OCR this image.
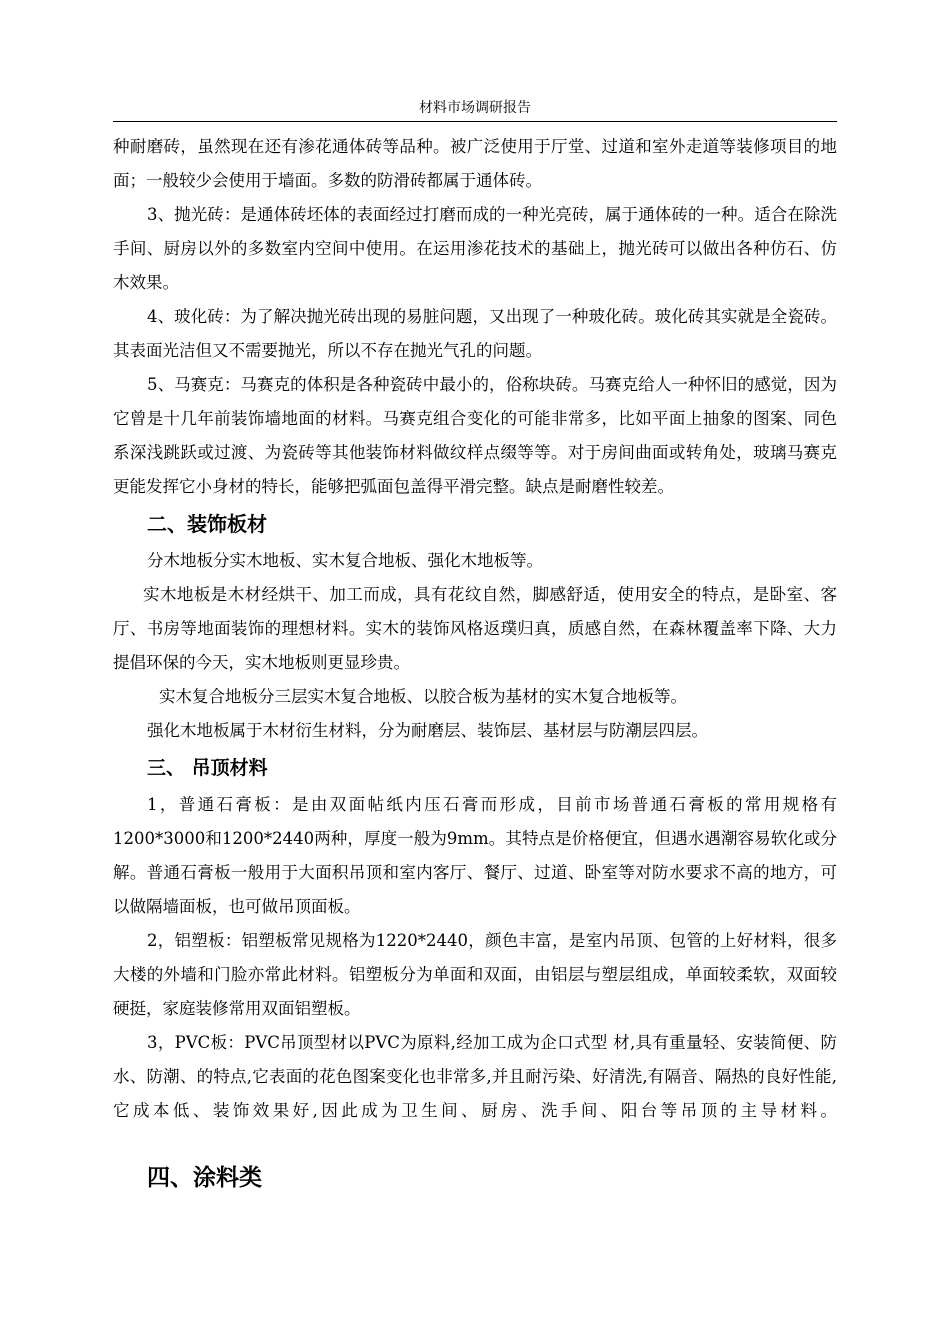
材料市场调研报告

种耐磨砖，虽然现在还有渗花通体砖等品种。被广泛使用于厅堂、过道和室外走道等装修项目的地面；一般较少会使用于墙面。多数的防滑砖都属于通体砖。

3、抛光砖：是通体砖坯体的表面经过打磨而成的一种光亮砖，属于通体砖的一种。适合在除洗手间、厨房以外的多数室内空间中使用。在运用渗花技术的基础上，抛光砖可以做出各种仿石、仿木效果。

4、玻化砖：为了解决抛光砖出现的易脏问题，又出现了一种玻化砖。玻化砖其实就是全瓷砖。其表面光洁但又不需要抛光，所以不存在抛光气孔的问题。

5、马赛克：马赛克的体积是各种瓷砖中最小的，俗称块砖。马赛克给人一种怀旧的感觉，因为它曾是十几年前装饰墙地面的材料。马赛克组合变化的可能非常多，比如平面上抽象的图案、同色系深浅跳跃或过渡、为瓷砖等其他装饰材料做纹样点缀等等。对于房间曲面或转角处，玻璃马赛克更能发挥它小身材的特长，能够把弧面包盖得平滑完整。缺点是耐磨性较差。

二、装饰板材

分木地板分实木地板、实木复合地板、强化木地板等。

实木地板是木材经烘干、加工而成，具有花纹自然，脚感舒适，使用安全的特点，是卧室、客厅、书房等地面装饰的理想材料。实木的装饰风格返璞归真，质感自然，在森林覆盖率下降、大力提倡环保的今天，实木地板则更显珍贵。

实木复合地板分三层实木复合地板、以胶合板为基材的实木复合地板等。

强化木地板属于木材衍生材料，分为耐磨层、装饰层、基材层与防潮层四层。

三、 吊顶材料

1，普通石膏板：是由双面帖纸内压石膏而形成，目前市场普通石膏板的常用规格有1200*3000和1200*2440两种，厚度一般为9mm。其特点是价格便宜，但遇水遇潮容易软化或分解。普通石膏板一般用于大面积吊顶和室内客厅、餐厅、过道、卧室等对防水要求不高的地方，可以做隔墙面板，也可做吊顶面板。

2，铝塑板：铝塑板常见规格为1220*2440，颜色丰富，是室内吊顶、包管的上好材料，很多大楼的外墙和门脸亦常此材料。铝塑板分为单面和双面，由铝层与塑层组成，单面较柔软，双面较硬挺，家庭装修常用双面铝塑板。

3，PVC板：PVC吊顶型材以PVC为原料,经加工成为企口式型 材,具有重量轻、安装简便、防水、防潮、的特点,它表面的花色图案变化也非常多,并且耐污染、好清洗,有隔音、隔热的良好性能, 它成本低、装饰效果好,因此成为卫生间、厨房、洗手间、阳台等吊顶的主导材料。

四、涂料类
